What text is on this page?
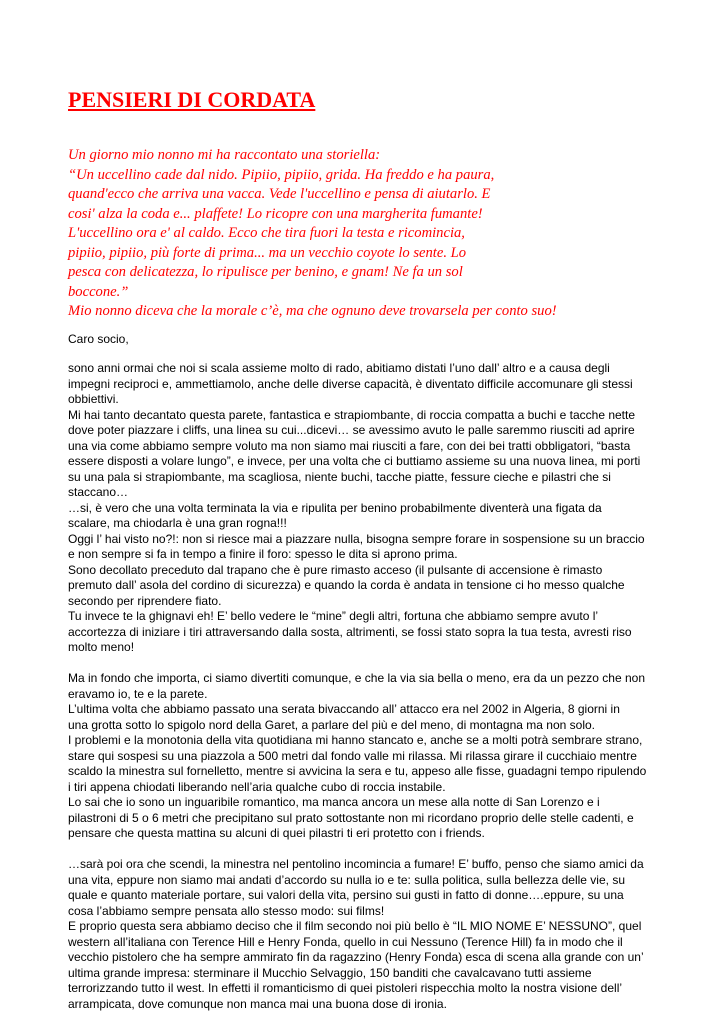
PENSIERI DI CORDATA
Un giorno mio nonno mi ha raccontato una storiella:
“Un uccellino cade dal nido. Pipiio, pipiio, grida. Ha freddo e ha paura,
quand'ecco che arriva una vacca. Vede l'uccellino e pensa di aiutarlo. E
cosi' alza la coda e... plaffete! Lo ricopre con una margherita fumante!
L'uccellino ora e' al caldo. Ecco che tira fuori la testa e ricomincia,
pipiio, pipiio, più forte di prima... ma un vecchio coyote lo sente. Lo
pesca con delicatezza, lo ripulisce per benino, e gnam! Ne fa un sol
boccone.”
Mio nonno diceva che la morale c’è, ma che ognuno deve trovarsela per conto suo!
Caro socio,
sono anni ormai che noi si scala assieme molto di rado, abitiamo distati l’uno dall’ altro e a causa degli
impegni reciproci e, ammettiamolo, anche delle diverse capacità, è diventato difficile accomunare gli stessi
obbiettivi.
Mi hai tanto decantato questa parete, fantastica e strapiombante, di roccia compatta a buchi e tacche nette
dove poter piazzare i cliffs, una linea su cui...dicevi… se avessimo avuto le palle saremmo riusciti ad aprire
una via come abbiamo sempre voluto ma non siamo mai riusciti a fare, con dei bei tratti obbligatori, “basta
essere disposti a volare lungo”, e invece, per una volta che ci buttiamo assieme su una nuova linea, mi porti
su una pala si strapiombante, ma scagliosa, niente buchi, tacche piatte, fessure cieche e pilastri che si
staccano…
…si, è vero che una volta terminata la via e ripulita per benino probabilmente diventerà una figata da
scalare, ma chiodarla è una gran rogna!!!
Oggi l’ hai visto no?!: non si riesce mai a piazzare nulla, bisogna sempre forare in sospensione su un braccio
e non sempre si fa in tempo a finire il foro: spesso le dita si aprono prima.
Sono decollato preceduto dal trapano che è pure rimasto acceso (il pulsante di accensione è rimasto
premuto dall’ asola del cordino di sicurezza) e quando la corda è andata in tensione ci ho messo qualche
secondo per riprendere fiato.
Tu invece te la ghignavi eh! E’ bello vedere le “mine” degli altri, fortuna che abbiamo sempre avuto l’
accortezza di iniziare i tiri attraversando dalla sosta, altrimenti, se fossi stato sopra la tua testa, avresti riso
molto meno!
Ma in fondo che importa, ci siamo divertiti comunque, e che la via sia bella o meno, era da un pezzo che non
eravamo io, te e la parete.
L’ultima volta che abbiamo passato una serata bivaccando all’ attacco era nel 2002 in Algeria, 8 giorni in
una grotta sotto lo spigolo nord della Garet, a parlare del più e del meno, di montagna ma non solo.
I problemi e la monotonia della vita quotidiana mi hanno stancato e, anche se a molti potrà sembrare strano,
stare qui sospesi su una piazzola a 500 metri dal fondo valle mi rilassa. Mi rilassa girare il cucchiaio mentre
scaldo la minestra sul fornelletto, mentre si avvicina la sera e tu, appeso alle fisse, guadagni tempo ripulendo
i tiri appena chiodati liberando nell’aria qualche cubo di roccia instabile.
Lo sai che io sono un inguaribile romantico, ma manca ancora un mese alla notte di San Lorenzo e i
pilastroni di 5 o 6 metri che precipitano sul prato sottostante non mi ricordano proprio delle stelle cadenti, e
pensare che questa mattina su alcuni di quei pilastri ti eri protetto con i friends.
…sarà poi ora che scendi, la minestra nel pentolino incomincia a fumare! E’ buffo, penso che siamo amici da
una vita, eppure non siamo mai andati d’accordo su nulla io e te: sulla politica, sulla bellezza delle vie, su
quale e quanto materiale portare, sui valori della vita, persino sui gusti in fatto di donne….eppure, su una
cosa l’abbiamo sempre pensata allo stesso modo: sui films!
E proprio questa sera abbiamo deciso che il film secondo noi più bello è “IL MIO NOME E’ NESSUNO”, quel
western all’italiana con Terence Hill e Henry Fonda, quello in cui Nessuno (Terence Hill) fa in modo che il
vecchio pistolero che ha sempre ammirato fin da ragazzino (Henry Fonda) esca di scena alla grande con un’
ultima grande impresa: sterminare il Mucchio Selvaggio, 150 banditi che cavalcavano tutti assieme
terrorizzando tutto il west. In effetti il romanticismo di quei pistoleri rispecchia molto la nostra visione dell’
arrampicata, dove comunque non manca mai una buona dose di ironia.
